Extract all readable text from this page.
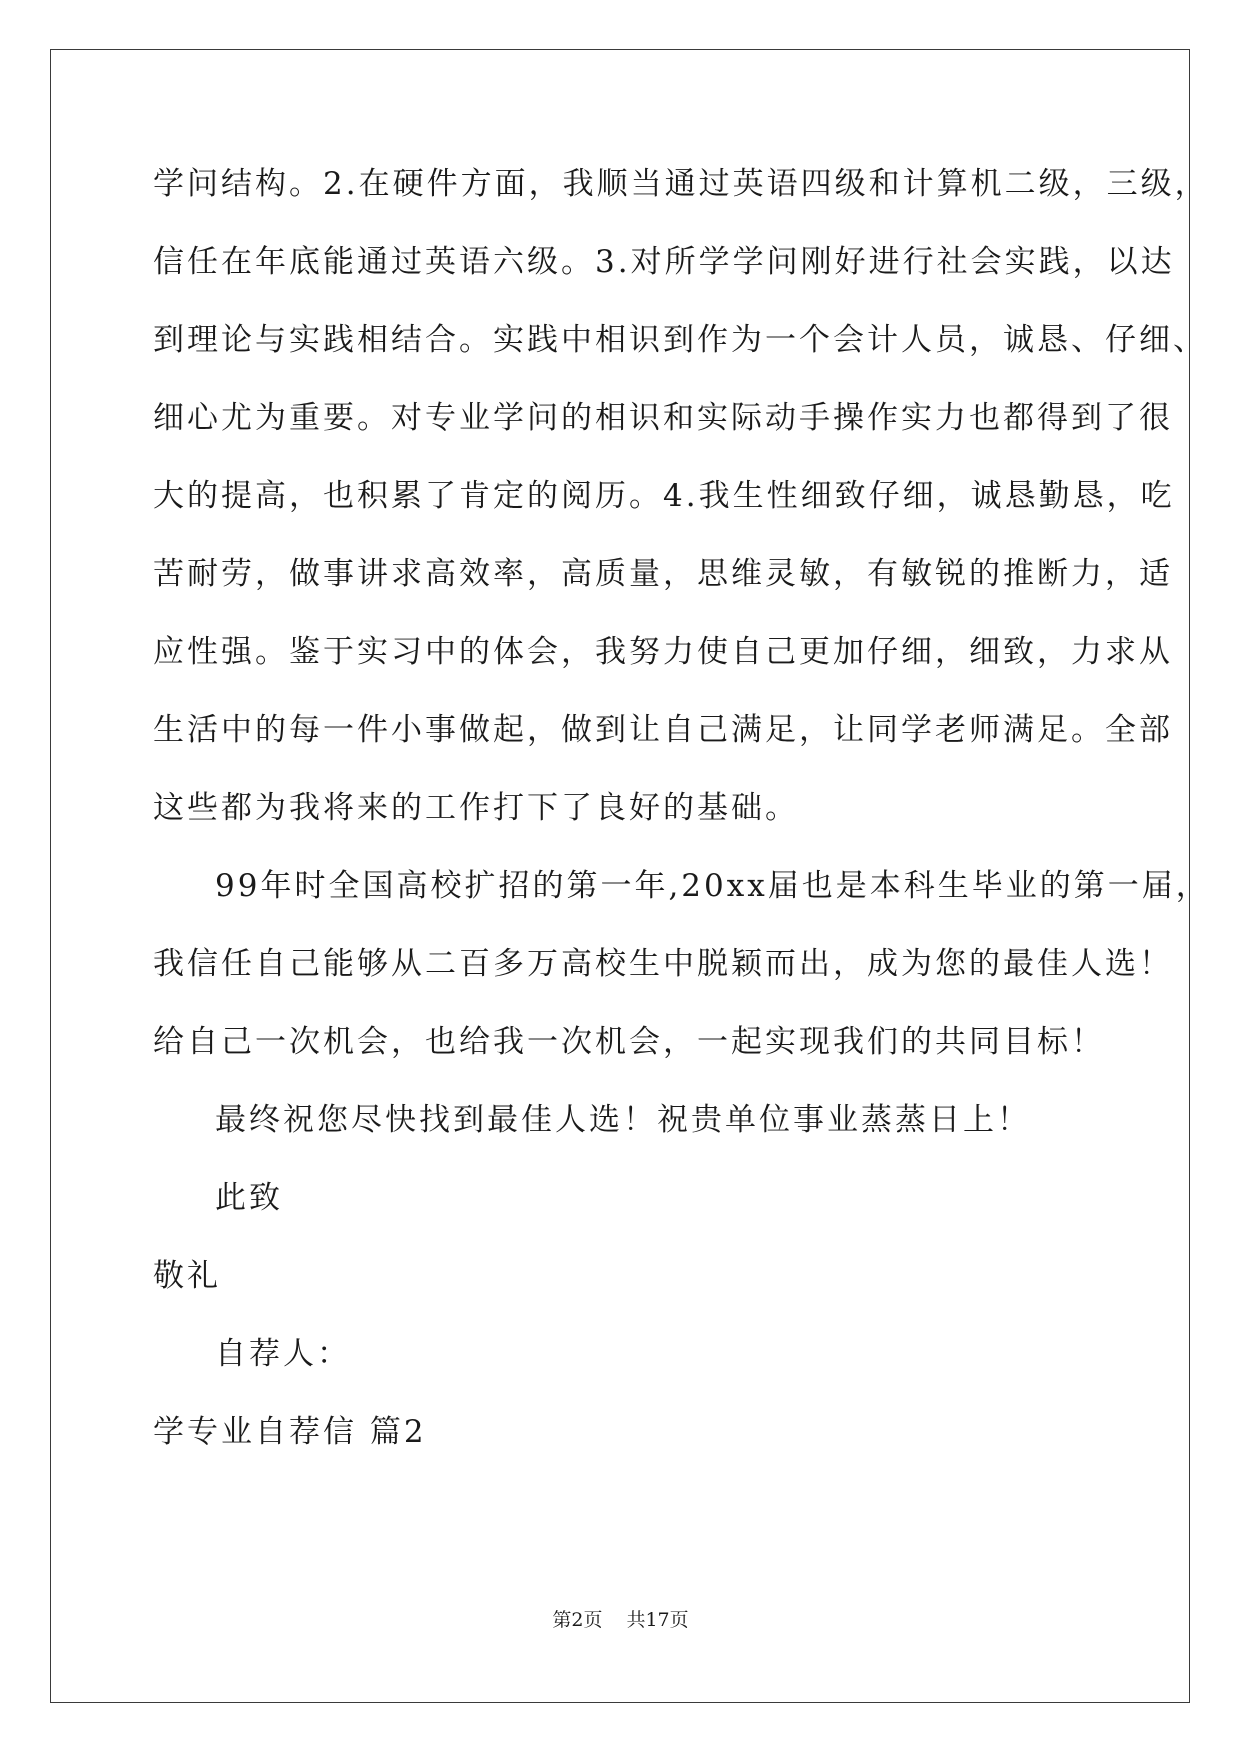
学问结构。2.在硬件方面，我顺当通过英语四级和计算机二级，三级，
信任在年底能通过英语六级。3.对所学学问刚好进行社会实践，以达
到理论与实践相结合。实践中相识到作为一个会计人员，诚恳、仔细、
细心尤为重要。对专业学问的相识和实际动手操作实力也都得到了很
大的提高，也积累了肯定的阅历。4.我生性细致仔细，诚恳勤恳，吃
苦耐劳，做事讲求高效率，高质量，思维灵敏，有敏锐的推断力，适
应性强。鉴于实习中的体会，我努力使自己更加仔细，细致，力求从
生活中的每一件小事做起，做到让自己满足，让同学老师满足。全部
这些都为我将来的工作打下了良好的基础。
99年时全国高校扩招的第一年,20xx届也是本科生毕业的第一届，
我信任自己能够从二百多万高校生中脱颖而出，成为您的最佳人选！
给自己一次机会，也给我一次机会，一起实现我们的共同目标！
最终祝您尽快找到最佳人选！祝贵单位事业蒸蒸日上！
此致
敬礼
自荐人：
学专业自荐信 篇2
第2页 共17页
